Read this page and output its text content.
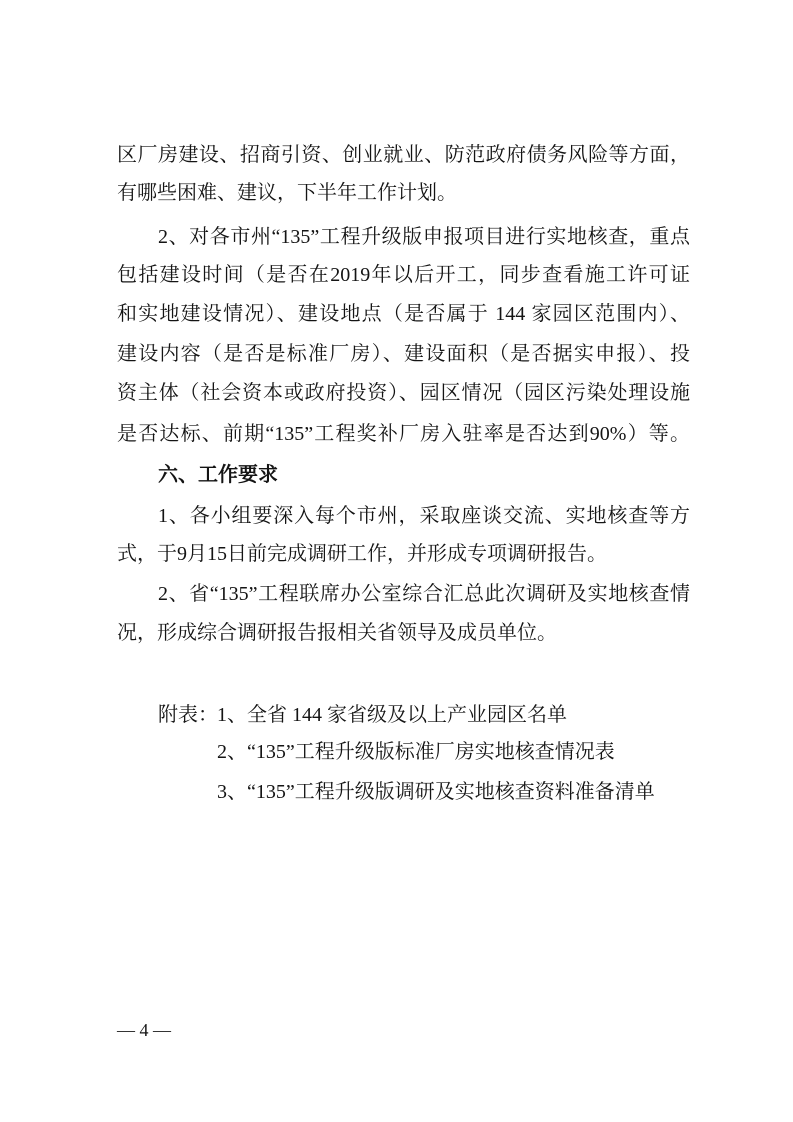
区厂房建设、招商引资、创业就业、防范政府债务风险等方面，
有哪些困难、建议，下半年工作计划。
2、对各市州“135”工程升级版申报项目进行实地核查，重点
包括建设时间（是否在2019年以后开工，同步查看施工许可证
和实地建设情况）、建设地点（是否属于 144 家园区范围内）、
建设内容（是否是标准厂房）、建设面积（是否据实申报）、投
资主体（社会资本或政府投资）、园区情况（园区污染处理设施
是否达标、前期“135”工程奖补厂房入驻率是否达到90%）等。
六、工作要求
1、各小组要深入每个市州，采取座谈交流、实地核查等方
式，于9月15日前完成调研工作，并形成专项调研报告。
2、省“135”工程联席办公室综合汇总此次调研及实地核查情
况，形成综合调研报告报相关省领导及成员单位。
附表： 1、全省 144 家省级及以上产业园区名单
2、“135”工程升级版标准厂房实地核查情况表
3、“135”工程升级版调研及实地核查资料准备清单
— 4 —
